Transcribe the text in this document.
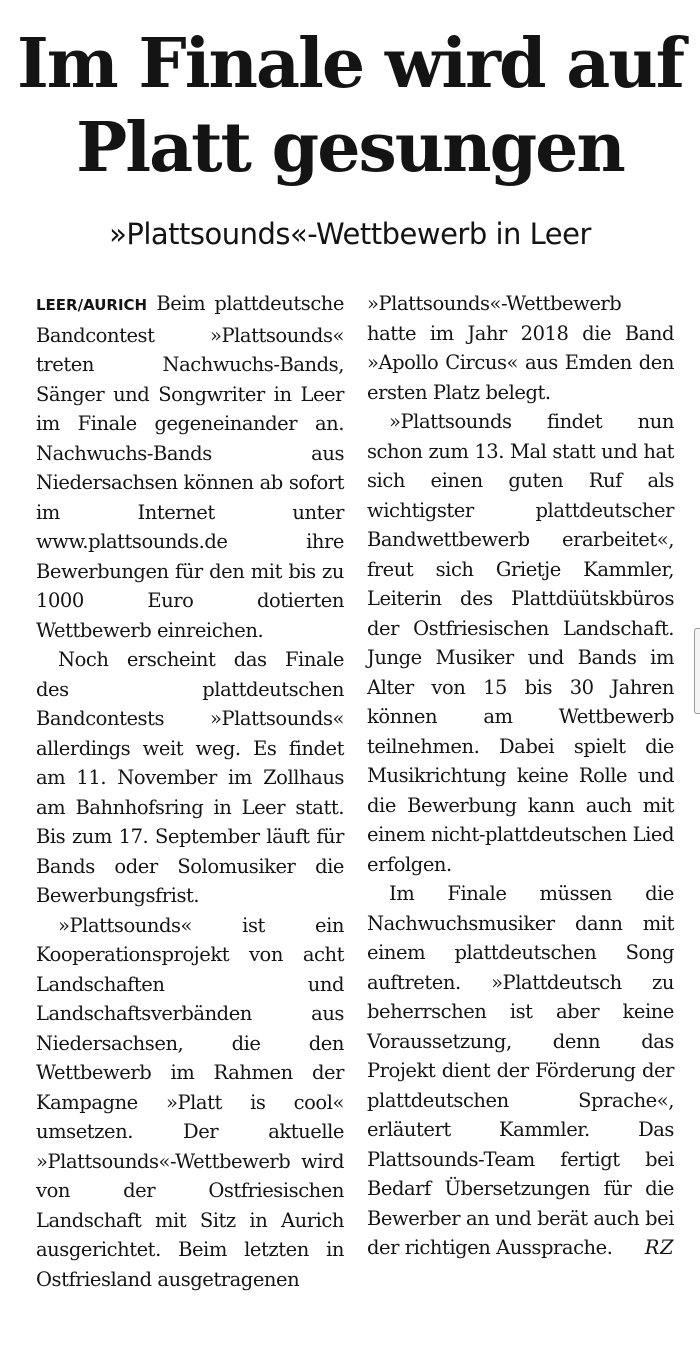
Im Finale wird auf
Platt gesungen
»Plattsounds«-Wettbewerb in Leer

LEER/AURICH Beim plattdeutsche Bandcontest »Plattsounds« treten Nachwuchs-Bands, Sänger und Songwriter in Leer im Finale gegeneinander an. Nachwuchs-Bands aus Niedersachsen können ab sofort im Internet unter www.plattsounds.de ihre Bewerbungen für den mit bis zu 1000 Euro dotierten Wettbewerb einreichen.

Noch erscheint das Finale des plattdeutschen Bandcontests »Plattsounds« allerdings weit weg. Es findet am 11. November im Zollhaus am Bahnhofsring in Leer statt. Bis zum 17. September läuft für Bands oder Solomusiker die Bewerbungsfrist.

»Plattsounds« ist ein Kooperationsprojekt von acht Landschaften und Landschaftsverbänden aus Niedersachsen, die den Wettbewerb im Rahmen der Kampagne »Platt is cool« umsetzen. Der aktuelle »Plattsounds«-Wettbewerb wird von der Ostfriesischen Landschaft mit Sitz in Aurich ausgerichtet. Beim letzten in Ostfriesland ausgetragenen

»Plattsounds«-Wettbewerb hatte im Jahr 2018 die Band »Apollo Circus« aus Emden den ersten Platz belegt.

»Plattsounds findet nun schon zum 13. Mal statt und hat sich einen guten Ruf als wichtigster plattdeutscher Bandwettbewerb erarbeitet«, freut sich Grietje Kammler, Leiterin des Plattdüütskbüros der Ostfriesischen Landschaft. Junge Musiker und Bands im Alter von 15 bis 30 Jahren können am Wettbewerb teilnehmen. Dabei spielt die Musikrichtung keine Rolle und die Bewerbung kann auch mit einem nicht-plattdeutschen Lied erfolgen.

Im Finale müssen die Nachwuchsmusiker dann mit einem plattdeutschen Song auftreten. »Plattdeutsch zu beherrschen ist aber keine Voraussetzung, denn das Projekt dient der Förderung der plattdeutschen Sprache«, erläutert Kammler. Das Plattsounds-Team fertigt bei Bedarf Übersetzungen für die Bewerber an und berät auch bei der richtigen Aussprache.	RZ
